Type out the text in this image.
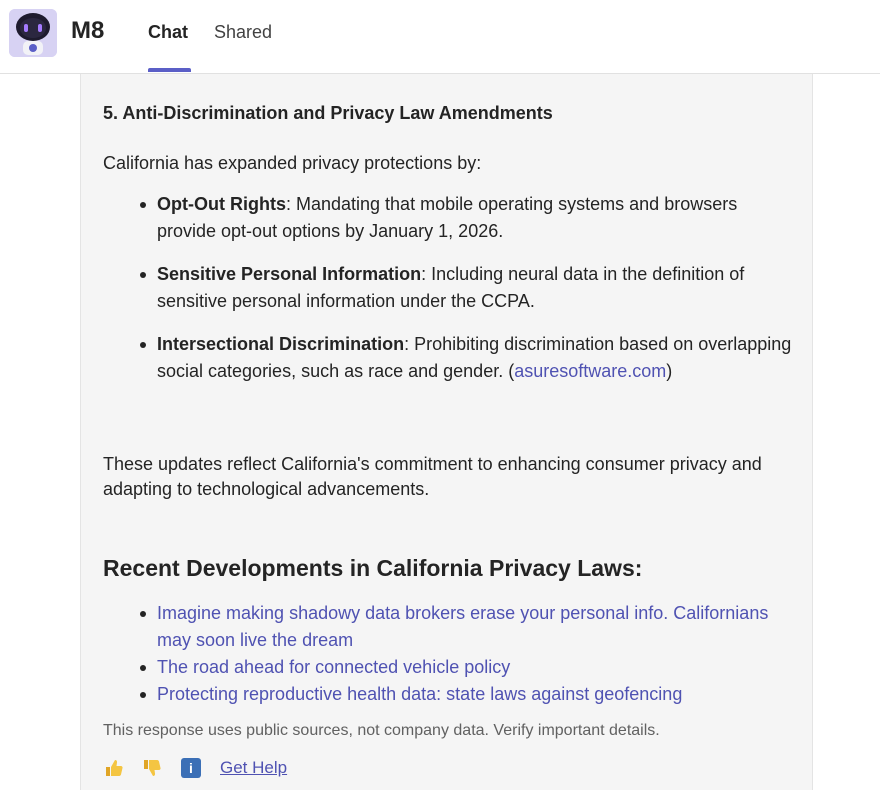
M8 Chat Shared
5. Anti-Discrimination and Privacy Law Amendments
California has expanded privacy protections by:
Opt-Out Rights: Mandating that mobile operating systems and browsers provide opt-out options by January 1, 2026.
Sensitive Personal Information: Including neural data in the definition of sensitive personal information under the CCPA.
Intersectional Discrimination: Prohibiting discrimination based on overlapping social categories, such as race and gender. (asuresoftware.com)
These updates reflect California's commitment to enhancing consumer privacy and adapting to technological advancements.
Recent Developments in California Privacy Laws:
Imagine making shadowy data brokers erase your personal info. Californians may soon live the dream
The road ahead for connected vehicle policy
Protecting reproductive health data: state laws against geofencing
This response uses public sources, not company data. Verify important details.
i	Get Help
